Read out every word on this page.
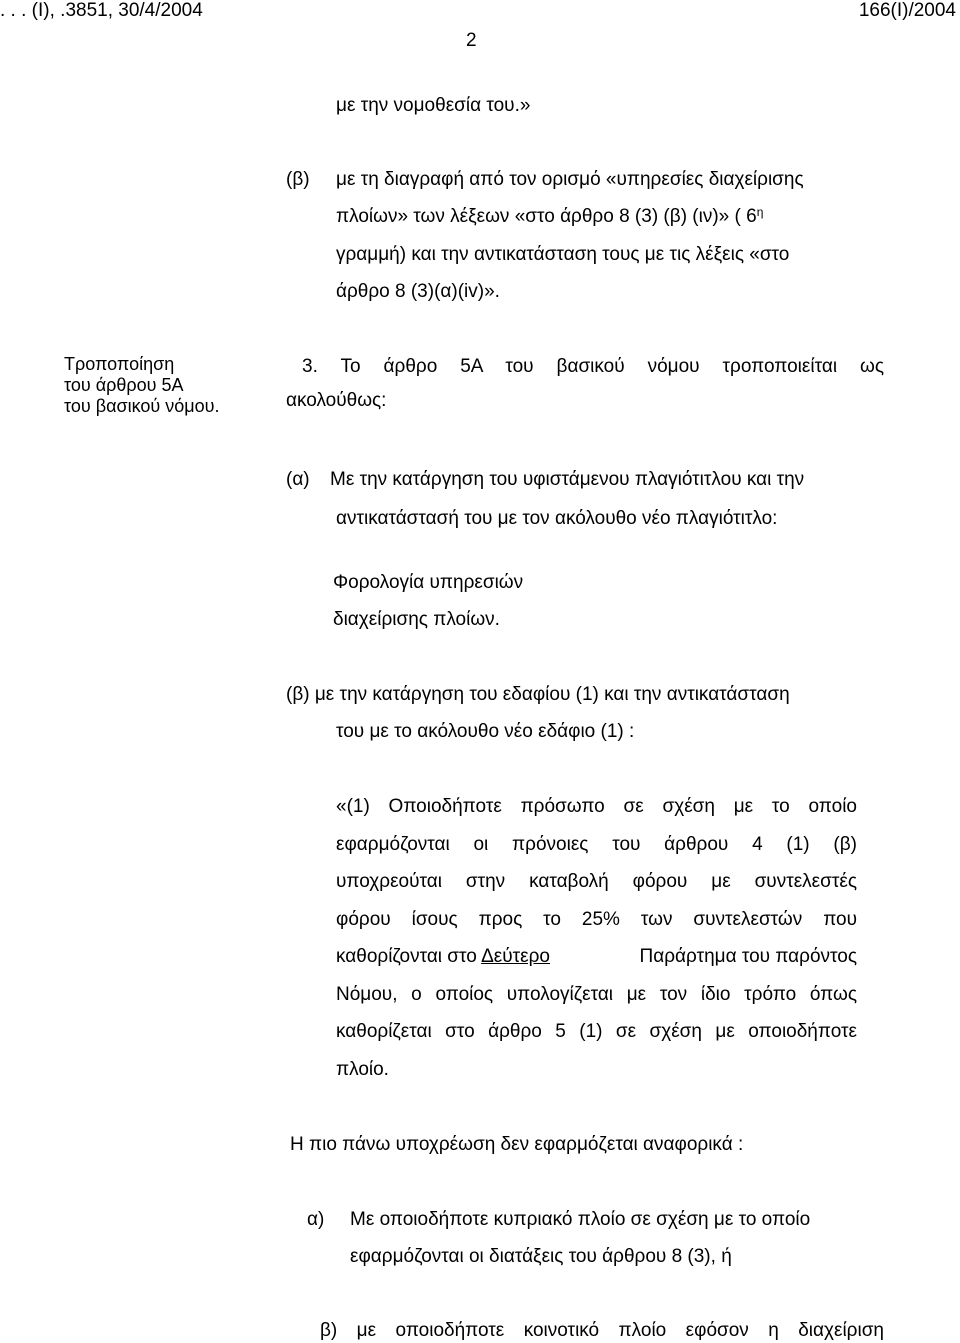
. . . (Ι), .3851, 30/4/2004	166(I)/2004
2
με την νομοθεσία του.»
(β) με τη διαγραφή από τον ορισμό «υπηρεσίες διαχείρισης
πλοίων» των λέξεων «στο άρθρο 8 (3) (β) (ιν)» ( $6^\eta$
γραμμή) και την αντικατάσταση τους με τις λέξεις «στο
άρθρο 8 (3)(α)(iv)».
Τροποποίηση
του άρθρου 5Α
του βασικού νόμου.
3. Το άρθρο 5Α του βασικού νόμου τροποποιείται ως
ακολούθως:
(α) Με την κατάργηση του υφιστάμενου πλαγιότιτλου και την
αντικατάστασή του με τον ακόλουθο νέο πλαγιότιτλο:
Φορολογία υπηρεσιών
διαχείρισης πλοίων.
(β) με την κατάργηση του εδαφίου (1) και την αντικατάσταση
του με το ακόλουθο νέο εδάφιο (1) :
«(1) Οποιοδήποτε πρόσωπο σε σχέση με το οποίο
εφαρμόζονται οι πρόνοιες του άρθρου 4 (1) (β)
υποχρεούται στην καταβολή φόρου με συντελεστές
φόρου ίσους προς το 25% των συντελεστών που
καθορίζονται στο Δεύτερο	Παράρτημα του παρόντος
Νόμου, ο οποίος υπολογίζεται με τον ίδιο τρόπο όπως
καθορίζεται στο άρθρο 5 (1) σε σχέση με οποιοδήποτε
πλοίο.
Η πιο πάνω υποχρέωση δεν εφαρμόζεται αναφορικά :
α) Με οποιοδήποτε κυπριακό πλοίο σε σχέση με το οποίο
εφαρμόζονται οι διατάξεις του άρθρου 8 (3), ή
β) με οποιοδήποτε κοινοτικό πλοίο εφόσον η διαχείριση
